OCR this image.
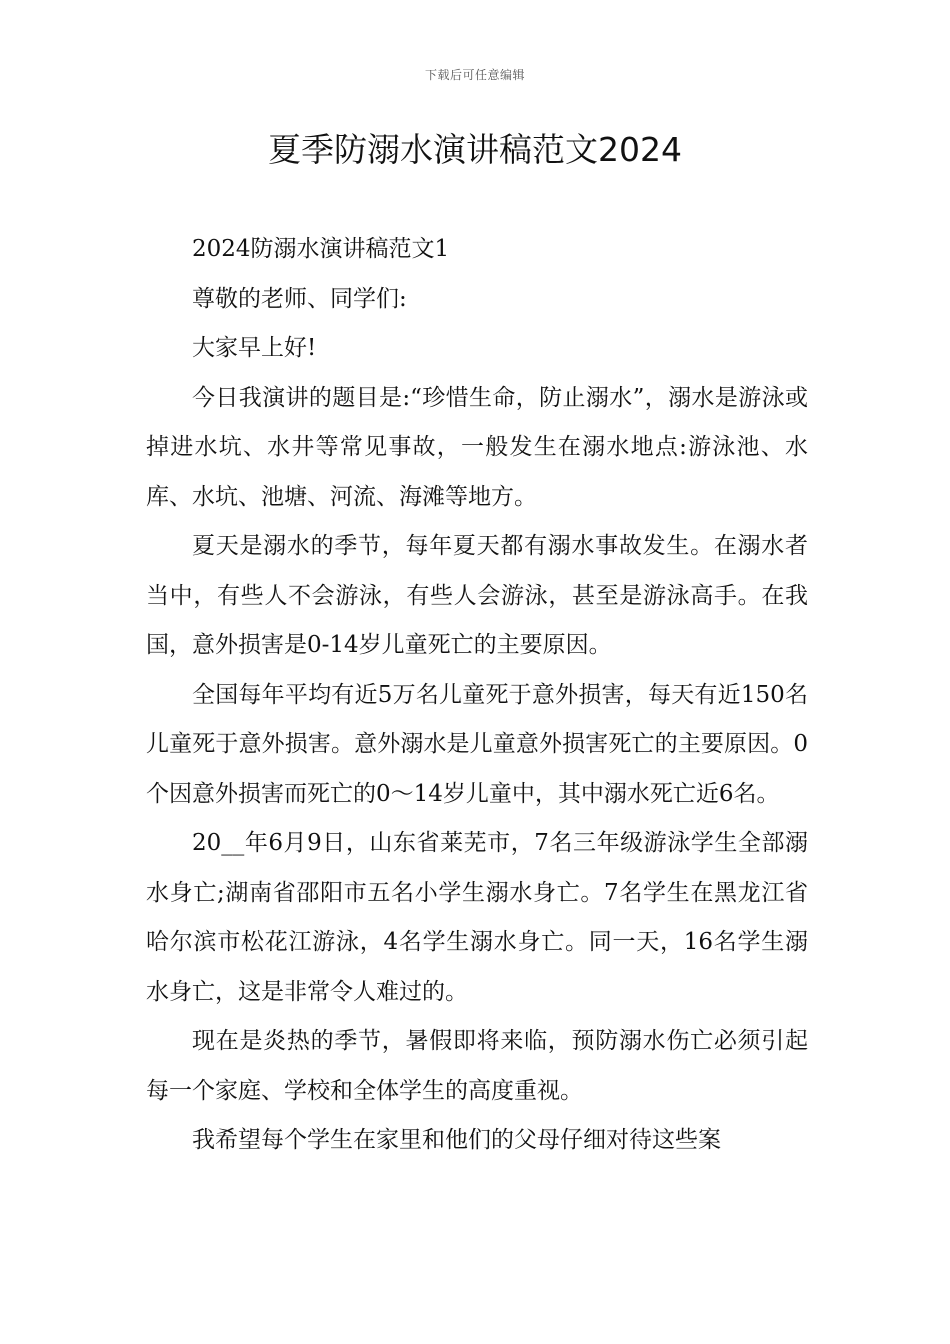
下载后可任意编辑
夏季防溺水演讲稿范文2024

2024防溺水演讲稿范文1

尊敬的老师、同学们:

大家早上好!

今日我演讲的题目是:“珍惜生命，防止溺水”，溺水是游泳或掉进水坑、水井等常见事故，一般发生在溺水地点:游泳池、水库、水坑、池塘、河流、海滩等地方。

夏天是溺水的季节，每年夏天都有溺水事故发生。在溺水者当中，有些人不会游泳，有些人会游泳，甚至是游泳高手。在我国，意外损害是0-14岁儿童死亡的主要原因。

全国每年平均有近5万名儿童死于意外损害，每天有近150名儿童死于意外损害。意外溺水是儿童意外损害死亡的主要原因。0个因意外损害而死亡的0～14岁儿童中，其中溺水死亡近6名。

20__年6月9日，山东省莱芜市，7名三年级游泳学生全部溺水身亡;湖南省邵阳市五名小学生溺水身亡。7名学生在黑龙江省哈尔滨市松花江游泳，4名学生溺水身亡。同一天，16名学生溺水身亡，这是非常令人难过的。

现在是炎热的季节，暑假即将来临，预防溺水伤亡必须引起每一个家庭、学校和全体学生的高度重视。

我希望每个学生在家里和他们的父母仔细对待这些案
